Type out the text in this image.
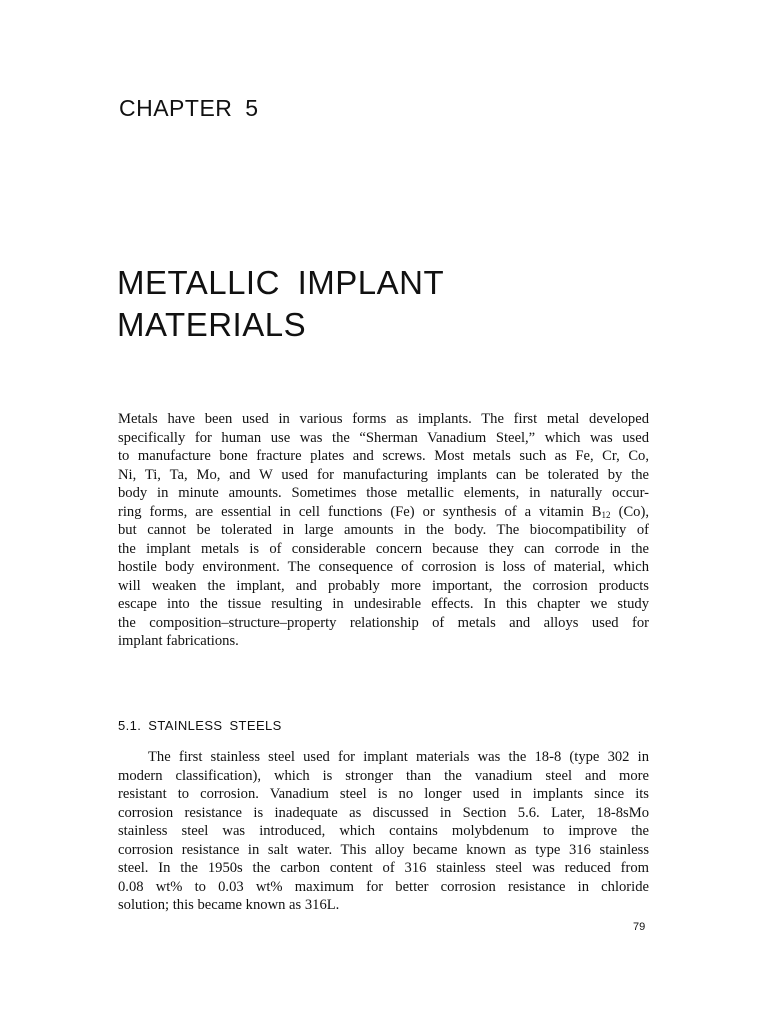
CHAPTER 5
METALLIC IMPLANT
MATERIALS

Metals have been used in various forms as implants. The first metal developed
specifically for human use was the “Sherman Vanadium Steel,” which was used
to manufacture bone fracture plates and screws. Most metals such as Fe, Cr, Co,
Ni, Ti, Ta, Mo, and W used for manufacturing implants can be tolerated by the
body in minute amounts. Sometimes those metallic elements, in naturally occur-
ring forms, are essential in cell functions (Fe) or synthesis of a vitamin $B_{12}$ (Co),
but cannot be tolerated in large amounts in the body. The biocompatibility of
the implant metals is of considerable concern because they can corrode in the
hostile body environment. The consequence of corrosion is loss of material, which
will weaken the implant, and probably more important, the corrosion products
escape into the tissue resulting in undesirable effects. In this chapter we study
the composition–structure–property relationship of metals and alloys used for
implant fabrications.

5.1. STAINLESS STEELS

The first stainless steel used for implant materials was the 18-8 (type 302 in
modern classification), which is stronger than the vanadium steel and more
resistant to corrosion. Vanadium steel is no longer used in implants since its
corrosion resistance is inadequate as discussed in Section 5.6. Later, 18-8sMo
stainless steel was introduced, which contains molybdenum to improve the
corrosion resistance in salt water. This alloy became known as type 316 stainless
steel. In the 1950s the carbon content of 316 stainless steel was reduced from
0.08 wt% to 0.03 wt% maximum for better corrosion resistance in chloride
solution; this became known as 316L.

79
